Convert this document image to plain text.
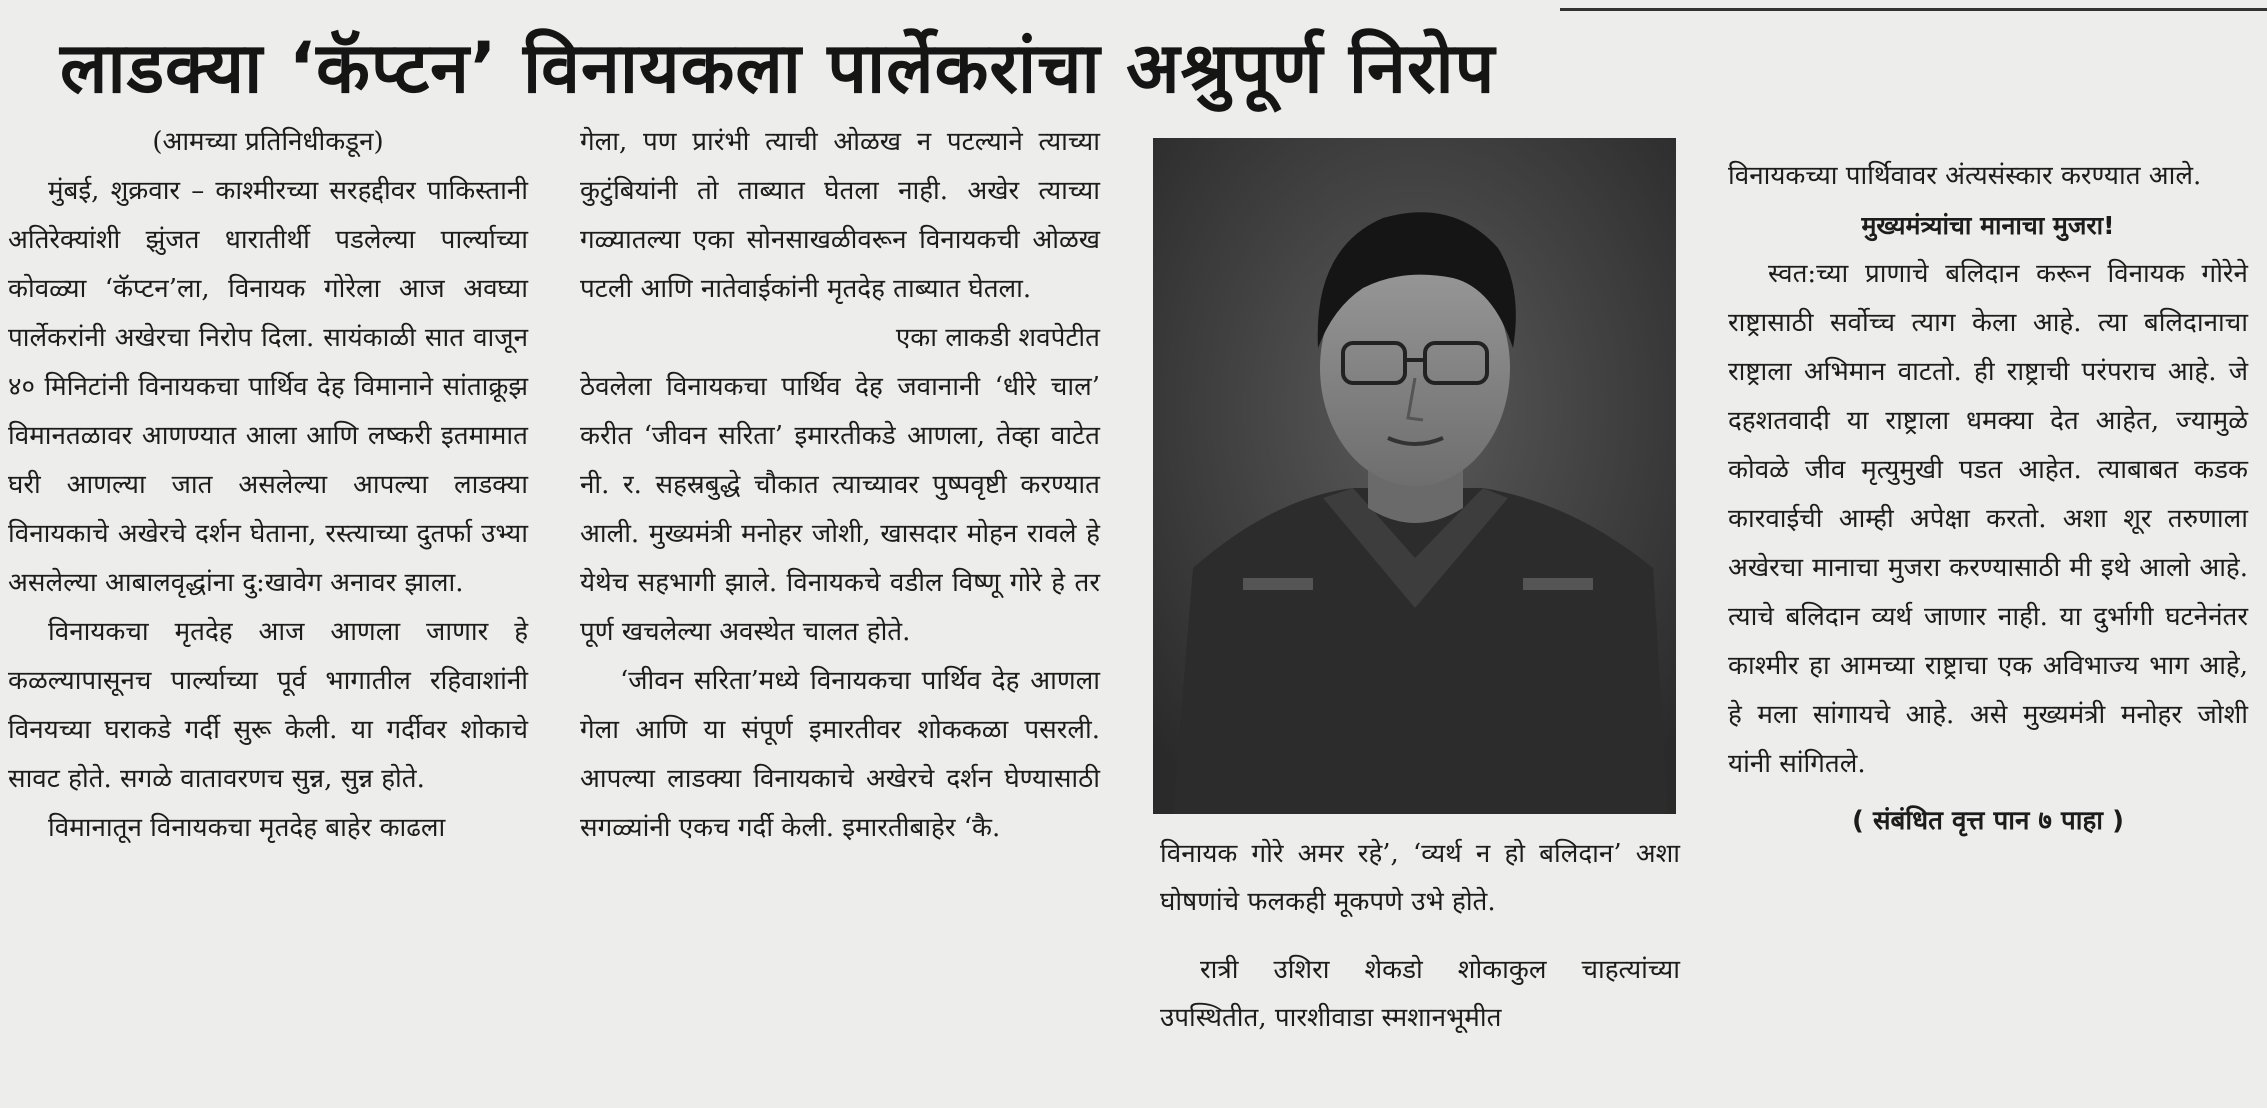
लाडक्या ‘कॅप्टन’ विनायकला पार्लेकरांचा अश्रुपूर्ण निरोप

(आमच्या प्रतिनिधीकडून)

मुंबई, शुक्रवार – काश्मीरच्या सरहद्दीवर पाकिस्तानी अतिरेक्यांशी झुंजत धारातीर्थी पडलेल्या पार्ल्याच्या कोवळ्या ‘कॅप्टन’ला, विनायक गोरेला आज अवघ्या पार्लेकरांनी अखेरचा निरोप दिला. सायंकाळी सात वाजून ४० मिनिटांनी विनायकचा पार्थिव देह विमानाने सांताक्रूझ विमानतळावर आणण्यात आला आणि लष्करी इतमामात घरी आणल्या जात असलेल्या आपल्या लाडक्या विनायकाचे अखेरचे दर्शन घेताना, रस्त्याच्या दुतर्फा उभ्या असलेल्या आबालवृद्धांना दु:खावेग अनावर झाला.

विनायकचा मृतदेह आज आणला जाणार हे कळल्यापासूनच पार्ल्याच्या पूर्व भागातील रहिवाशांनी विनयच्या घराकडे गर्दी सुरू केली. या गर्दीवर शोकाचे सावट होते. सगळे वातावरणच सुन्न, सुन्न होते.

विमानातून विनायकचा मृतदेह बाहेर काढला

गेला, पण प्रारंभी त्याची ओळख न पटल्याने त्याच्या कुटुंबियांनी तो ताब्यात घेतला नाही. अखेर त्याच्या गळ्यातल्या एका सोनसाखळीवरून विनायकची ओळख पटली आणि नातेवाईकांनी मृतदेह ताब्यात घेतला.

एका लाकडी शवपेटीत

ठेवलेला विनायकचा पार्थिव देह जवानानी ‘धीरे चाल’ करीत ‘जीवन सरिता’ इमारतीकडे आणला, तेव्हा वाटेत नी. र. सहस्रबुद्धे चौकात त्याच्यावर पुष्पवृष्टी करण्यात आली. मुख्यमंत्री मनोहर जोशी, खासदार मोहन रावले हे येथेच सहभागी झाले. विनायकचे वडील विष्णू गोरे हे तर पूर्ण खचलेल्या अवस्थेत चालत होते.

‘जीवन सरिता’मध्ये विनायकचा पार्थिव देह आणला गेला आणि या संपूर्ण इमारतीवर शोककळा पसरली. आपल्या लाडक्या विनायकाचे अखेरचे दर्शन घेण्यासाठी सगळ्यांनी एकच गर्दी केली. इमारतीबाहेर ‘कै.

विनायक गोरे अमर रहे’, ‘व्यर्थ न हो बलिदान’ अशा घोषणांचे फलकही मूकपणे उभे होते.

रात्री उशिरा शेकडो शोकाकुल चाहत्यांच्या उपस्थितीत, पारशीवाडा स्मशानभूमीत

विनायकच्या पार्थिवावर अंत्यसंस्कार करण्यात आले.

मुख्यमंत्र्यांचा मानाचा मुजरा!

स्वत:च्या प्राणाचे बलिदान करून विनायक गोरेने राष्ट्रासाठी सर्वोच्च त्याग केला आहे. त्या बलिदानाचा राष्ट्राला अभिमान वाटतो. ही राष्ट्राची परंपराच आहे. जे दहशतवादी या राष्ट्राला धमक्या देत आहेत, ज्यामुळे कोवळे जीव मृत्युमुखी पडत आहेत. त्याबाबत कडक कारवाईची आम्ही अपेक्षा करतो. अशा शूर तरुणाला अखेरचा मानाचा मुजरा करण्यासाठी मी इथे आलो आहे. त्याचे बलिदान व्यर्थ जाणार नाही. या दुर्भागी घटनेनंतर काश्मीर हा आमच्या राष्ट्राचा एक अविभाज्य भाग आहे, हे मला सांगायचे आहे. असे मुख्यमंत्री मनोहर जोशी यांनी सांगितले.

( संबंधित वृत्त पान ७ पाहा )
